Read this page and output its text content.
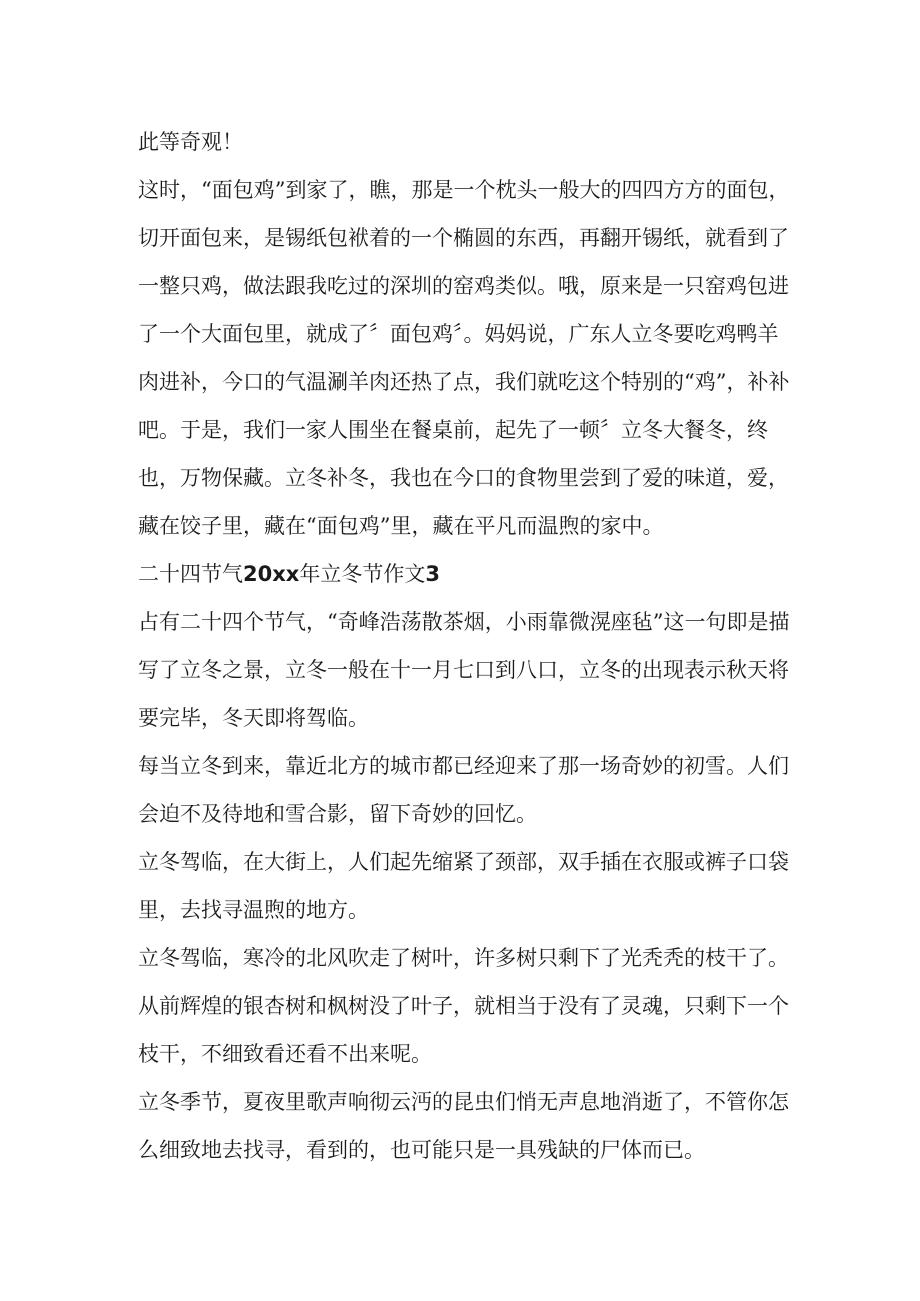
此等奇观！

这时，“面包鸡”到家了，瞧，那是一个枕头一般大的四四方方的面包，切开面包来，是锡纸包袱着的一个椭圆的东西，再翻开锡纸，就看到了一整只鸡，做法跟我吃过的深圳的窑鸡类似。哦，原来是一只窑鸡包进了一个大面包里，就成了〞面包鸡〞。妈妈说，广东人立冬要吃鸡鸭羊肉进补，今口的气温涮羊肉还热了点，我们就吃这个特别的“鸡”，补补吧。于是，我们一家人围坐在餐桌前，起先了一顿〞立冬大餐冬，终也，万物保藏。立冬补冬，我也在今口的食物里尝到了爱的味道，爱，藏在饺子里，藏在“面包鸡”里，藏在平凡而温煦的家中。

二十四节气20xx年立冬节作文3

占有二十四个节气，“奇峰浩荡散茶烟，小雨靠微滉座毡”这一句即是描写了立冬之景，立冬一般在十一月七口到八口，立冬的出现表示秋天将要完毕，冬天即将驾临。

每当立冬到来，靠近北方的城市都已经迎来了那一场奇妙的初雪。人们会迫不及待地和雪合影，留下奇妙的回忆。

立冬驾临，在大街上，人们起先缩紧了颈部，双手插在衣服或裤子口袋里，去找寻温煦的地方。

立冬驾临，寒冷的北风吹走了树叶，许多树只剩下了光秃秃的枝干了。从前辉煌的银杏树和枫树没了叶子，就相当于没有了灵魂，只剩下一个枝干，不细致看还看不出来呢。

立冬季节，夏夜里歌声响彻云沔的昆虫们悄无声息地消逝了，不管你怎么细致地去找寻，看到的，也可能只是一具残缺的尸体而已。
